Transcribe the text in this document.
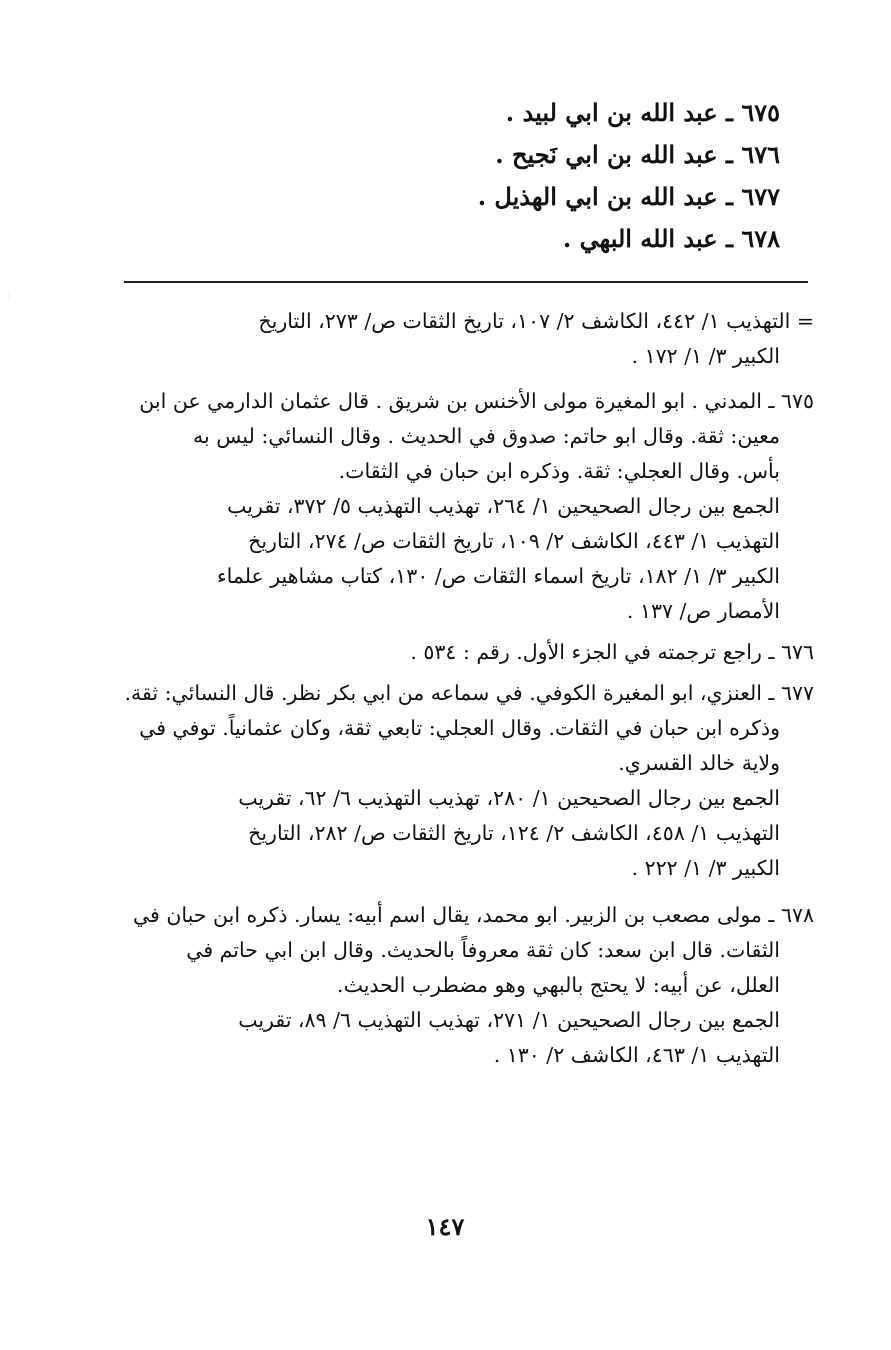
⋮
٦٧٥ ـ عبد الله بن ابي لبيد .
٦٧٦ ـ عبد الله بن ابي نَجيح .
٦٧٧ ـ عبد الله بن ابي الهذيل .
٦٧٨ ـ عبد الله البهي .

= التهذيب ١/ ٤٤٢، الكاشف ٢/ ١٠٧، تاريخ الثقات ص/ ٢٧٣، التاريخ

الكبير ٣/ ١/ ١٧٢ .

٦٧٥ ـ المدني . ابو المغيرة مولى الأخنس بن شريق . قال عثمان الدارمي عن ابن

معين: ثقة. وقال ابو حاتم: صدوق في الحديث . وقال النسائي: ليس به

بأس. وقال العجلي: ثقة. وذكره ابن حبان في الثقات.

الجمع بين رجال الصحيحين ١/ ٢٦٤، تهذيب التهذيب ٥/ ٣٧٢، تقريب

التهذيب ١/ ٤٤٣، الكاشف ٢/ ١٠٩، تاريخ الثقات ص/ ٢٧٤، التاريخ

الكبير ٣/ ١/ ١٨٢، تاريخ اسماء الثقات ص/ ١٣٠، كتاب مشاهير علماء

الأمصار ص/ ١٣٧ .

٦٧٦ ـ راجع ترجمته في الجزء الأول. رقم : ٥٣٤ .

٦٧٧ ـ العنزي، ابو المغيرة الكوفي. في سماعه من ابي بكر نظر. قال النسائي: ثقة.

وذكره ابن حبان في الثقات. وقال العجلي: تابعي ثقة، وكان عثمانياً. توفي في

ولاية خالد القسري.

الجمع بين رجال الصحيحين ١/ ٢٨٠، تهذيب التهذيب ٦/ ٦٢، تقريب

التهذيب ١/ ٤٥٨، الكاشف ٢/ ١٢٤، تاريخ الثقات ص/ ٢٨٢، التاريخ

الكبير ٣/ ١/ ٢٢٢ .

٦٧٨ ـ مولى مصعب بن الزبير. ابو محمد، يقال اسم أبيه: يسار. ذكره ابن حبان في

الثقات. قال ابن سعد: كان ثقة معروفاً بالحديث. وقال ابن ابي حاتم في

العلل، عن أبيه: لا يحتج بالبهي وهو مضطرب الحديث.

الجمع بين رجال الصحيحين ١/ ٢٧١، تهذيب التهذيب ٦/ ٨٩، تقريب

التهذيب ١/ ٤٦٣، الكاشف ٢/ ١٣٠ .

١٤٧
